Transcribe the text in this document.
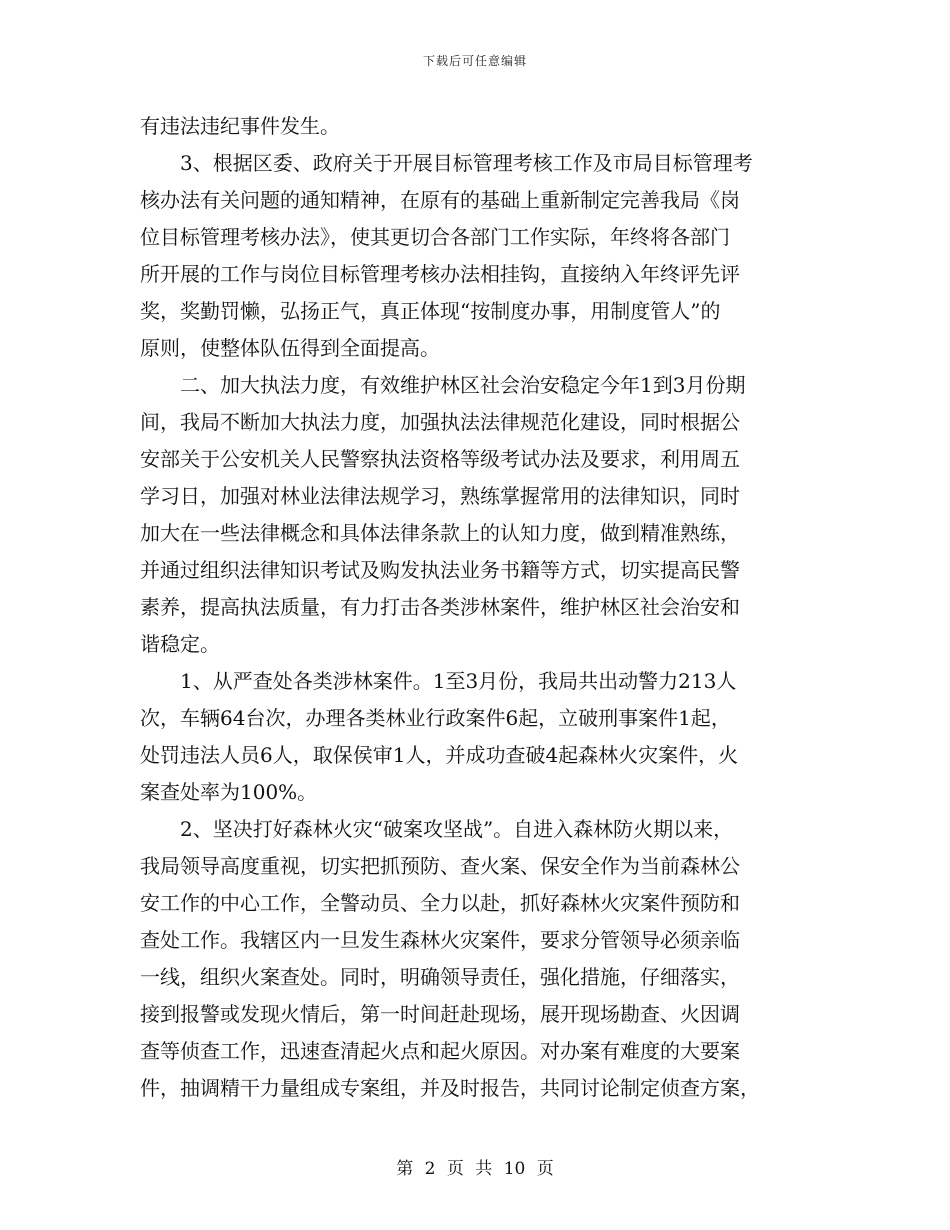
下载后可任意编辑
有违法违纪事件发生。
　　3、根据区委、政府关于开展目标管理考核工作及市局目标管理考
核办法有关问题的通知精神，在原有的基础上重新制定完善我局《岗
位目标管理考核办法》，使其更切合各部门工作实际，年终将各部门
所开展的工作与岗位目标管理考核办法相挂钩，直接纳入年终评先评
奖，奖勤罚懒，弘扬正气，真正体现“按制度办事，用制度管人”的
原则，使整体队伍得到全面提高。
　　二、加大执法力度，有效维护林区社会治安稳定今年1到3月份期
间，我局不断加大执法力度，加强执法法律规范化建设，同时根据公
安部关于公安机关人民警察执法资格等级考试办法及要求，利用周五
学习日，加强对林业法律法规学习，熟练掌握常用的法律知识，同时
加大在一些法律概念和具体法律条款上的认知力度，做到精准熟练，
并通过组织法律知识考试及购发执法业务书籍等方式，切实提高民警
素养，提高执法质量，有力打击各类涉林案件，维护林区社会治安和
谐稳定。
　　1、从严查处各类涉林案件。1至3月份，我局共出动警力213人
次，车辆64台次，办理各类林业行政案件6起，立破刑事案件1起，
处罚违法人员6人，取保侯审1人，并成功查破4起森林火灾案件，火
案查处率为100%。
　　2、坚决打好森林火灾“破案攻坚战”。自进入森林防火期以来，
我局领导高度重视，切实把抓预防、查火案、保安全作为当前森林公
安工作的中心工作，全警动员、全力以赴，抓好森林火灾案件预防和
查处工作。我辖区内一旦发生森林火灾案件，要求分管领导必须亲临
一线，组织火案查处。同时，明确领导责任，强化措施，仔细落实，
接到报警或发现火情后，第一时间赶赴现场，展开现场勘查、火因调
查等侦查工作，迅速查清起火点和起火原因。对办案有难度的大要案
件，抽调精干力量组成专案组，并及时报告，共同讨论制定侦查方案，
第 2 页 共 10 页
